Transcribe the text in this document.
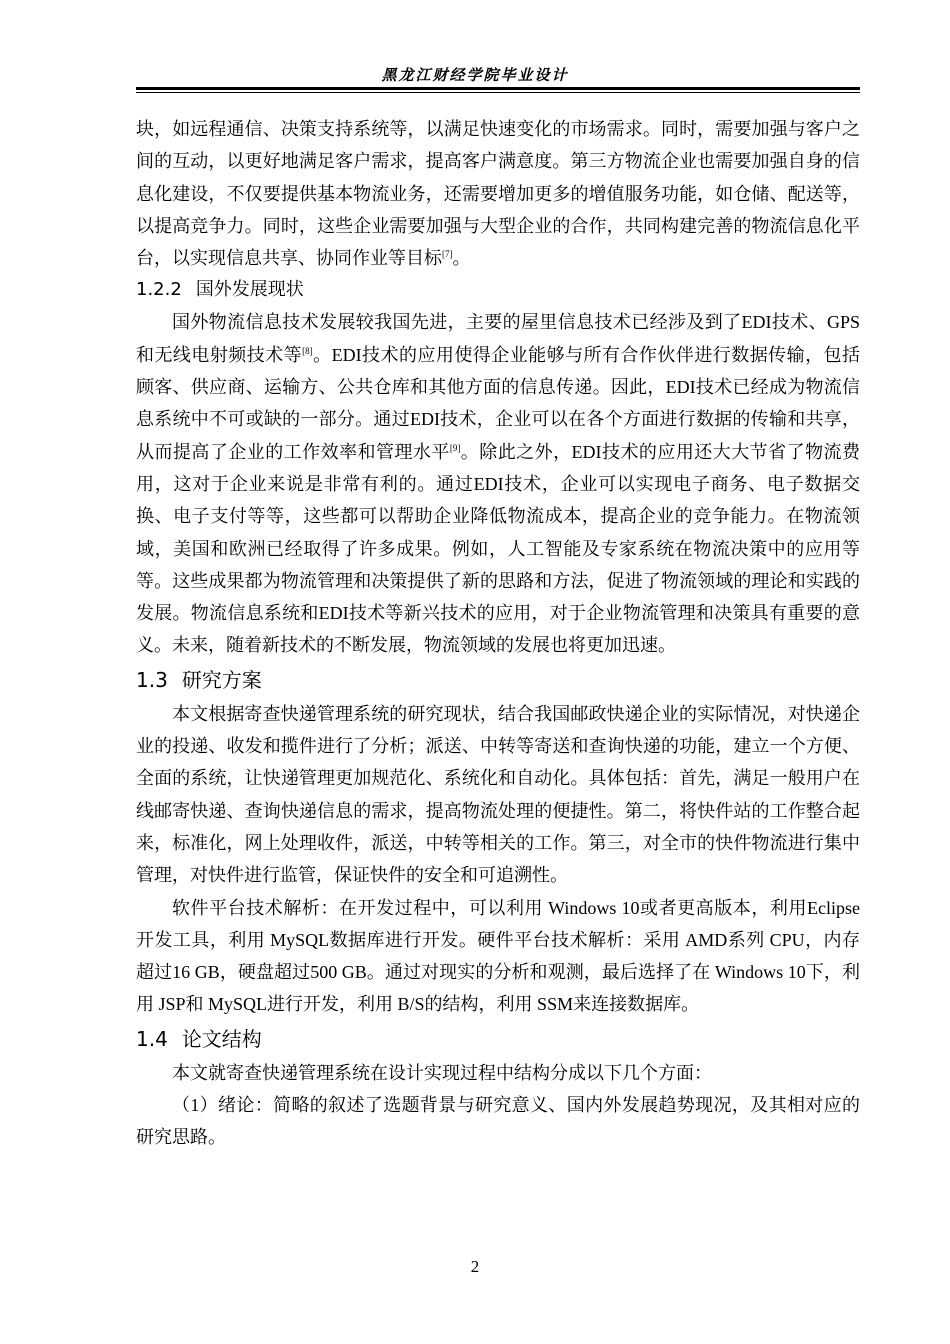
黑龙江财经学院毕业设计

块，如远程通信、决策支持系统等，以满足快速变化的市场需求。同时，需要加强与客户之间的互动，以更好地满足客户需求，提高客户满意度。第三方物流企业也需要加强自身的信息化建设，不仅要提供基本物流业务，还需要增加更多的增值服务功能，如仓储、配送等，以提高竞争力。同时，这些企业需要加强与大型企业的合作，共同构建完善的物流信息化平台，以实现信息共享、协同作业等目标[7]。

1.2.2 国外发展现状

国外物流信息技术发展较我国先进，主要的屋里信息技术已经涉及到了EDI技术、GPS和无线电射频技术等[8]。EDI技术的应用使得企业能够与所有合作伙伴进行数据传输，包括顾客、供应商、运输方、公共仓库和其他方面的信息传递。因此，EDI技术已经成为物流信息系统中不可或缺的一部分。通过EDI技术，企业可以在各个方面进行数据的传输和共享，从而提高了企业的工作效率和管理水平[9]。除此之外，EDI技术的应用还大大节省了物流费用，这对于企业来说是非常有利的。通过EDI技术，企业可以实现电子商务、电子数据交换、电子支付等等，这些都可以帮助企业降低物流成本，提高企业的竞争能力。在物流领域，美国和欧洲已经取得了许多成果。例如，人工智能及专家系统在物流决策中的应用等等。这些成果都为物流管理和决策提供了新的思路和方法，促进了物流领域的理论和实践的发展。物流信息系统和EDI技术等新兴技术的应用，对于企业物流管理和决策具有重要的意义。未来，随着新技术的不断发展，物流领域的发展也将更加迅速。

1.3 研究方案

本文根据寄查快递管理系统的研究现状，结合我国邮政快递企业的实际情况，对快递企业的投递、收发和揽件进行了分析；派送、中转等寄送和查询快递的功能，建立一个方便、全面的系统，让快递管理更加规范化、系统化和自动化。具体包括：首先，满足一般用户在线邮寄快递、查询快递信息的需求，提高物流处理的便捷性。第二，将快件站的工作整合起来，标准化，网上处理收件，派送，中转等相关的工作。第三，对全市的快件物流进行集中管理，对快件进行监管，保证快件的安全和可追溯性。

软件平台技术解析：在开发过程中，可以利用 Windows 10或者更高版本，利用Eclipse开发工具，利用 MySQL数据库进行开发。硬件平台技术解析：采用 AMD系列 CPU，内存超过16 GB，硬盘超过500 GB。通过对现实的分析和观测，最后选择了在 Windows 10下，利用 JSP和 MySQL进行开发，利用 B/S的结构，利用 SSM来连接数据库。

1.4 论文结构

本文就寄查快递管理系统在设计实现过程中结构分成以下几个方面：

（1）绪论：简略的叙述了选题背景与研究意义、国内外发展趋势现况，及其相对应的研究思路。

2
